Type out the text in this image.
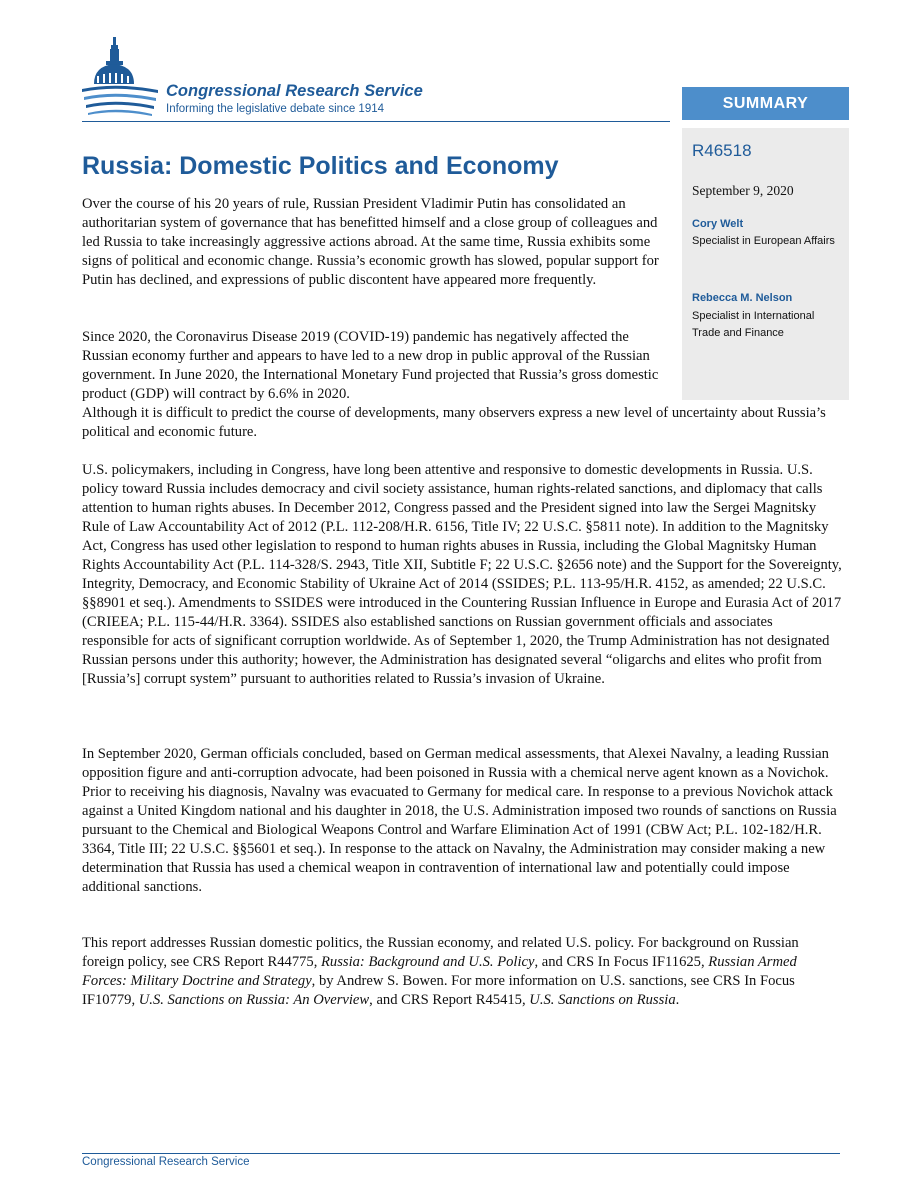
Congressional Research Service
Informing the legislative debate since 1914	SUMMARY
R46518
September 9, 2020
Cory Welt
Specialist in European Affairs
Rebecca M. Nelson
Specialist in International Trade and Finance
Russia: Domestic Politics and Economy

Over the course of his 20 years of rule, Russian President Vladimir Putin has consolidated an authoritarian system of governance that has benefitted himself and a close group of colleagues and led Russia to take increasingly aggressive actions abroad. At the same time, Russia exhibits some signs of political and economic change. Russia’s economic growth has slowed, popular support for Putin has declined, and expressions of public discontent have appeared more frequently.

Since 2020, the Coronavirus Disease 2019 (COVID-19) pandemic has negatively affected the Russian economy further and appears to have led to a new drop in public approval of the Russian government. In June 2020, the International Monetary Fund projected that Russia’s gross domestic product (GDP) will contract by 6.6% in 2020.

Although it is difficult to predict the course of developments, many observers express a new level of uncertainty about Russia’s political and economic future.

U.S. policymakers, including in Congress, have long been attentive and responsive to domestic developments in Russia. U.S. policy toward Russia includes democracy and civil society assistance, human rights-related sanctions, and diplomacy that calls attention to human rights abuses. In December 2012, Congress passed and the President signed into law the Sergei Magnitsky Rule of Law Accountability Act of 2012 (P.L. 112-208/H.R. 6156, Title IV; 22 U.S.C. §5811 note). In addition to the Magnitsky Act, Congress has used other legislation to respond to human rights abuses in Russia, including the Global Magnitsky Human Rights Accountability Act (P.L. 114-328/S. 2943, Title XII, Subtitle F; 22 U.S.C. §2656 note) and the Support for the Sovereignty, Integrity, Democracy, and Economic Stability of Ukraine Act of 2014 (SSIDES; P.L. 113-95/H.R. 4152, as amended; 22 U.S.C. §§8901 et seq.). Amendments to SSIDES were introduced in the Countering Russian Influence in Europe and Eurasia Act of 2017 (CRIEEA; P.L. 115-44/H.R. 3364). SSIDES also established sanctions on Russian government officials and associates responsible for acts of significant corruption worldwide. As of September 1, 2020, the Trump Administration has not designated Russian persons under this authority; however, the Administration has designated several “oligarchs and elites who profit from [Russia’s] corrupt system” pursuant to authorities related to Russia’s invasion of Ukraine.

In September 2020, German officials concluded, based on German medical assessments, that Alexei Navalny, a leading Russian opposition figure and anti-corruption advocate, had been poisoned in Russia with a chemical nerve agent known as a Novichok. Prior to receiving his diagnosis, Navalny was evacuated to Germany for medical care. In response to a previous Novichok attack against a United Kingdom national and his daughter in 2018, the U.S. Administration imposed two rounds of sanctions on Russia pursuant to the Chemical and Biological Weapons Control and Warfare Elimination Act of 1991 (CBW Act; P.L. 102-182/H.R. 3364, Title III; 22 U.S.C. §§5601 et seq.). In response to the attack on Navalny, the Administration may consider making a new determination that Russia has used a chemical weapon in contravention of international law and potentially could impose additional sanctions.

This report addresses Russian domestic politics, the Russian economy, and related U.S. policy. For background on Russian foreign policy, see CRS Report R44775, Russia: Background and U.S. Policy, and CRS In Focus IF11625, Russian Armed Forces: Military Doctrine and Strategy, by Andrew S. Bowen. For more information on U.S. sanctions, see CRS In Focus IF10779, U.S. Sanctions on Russia: An Overview, and CRS Report R45415, U.S. Sanctions on Russia.

Congressional Research Service
